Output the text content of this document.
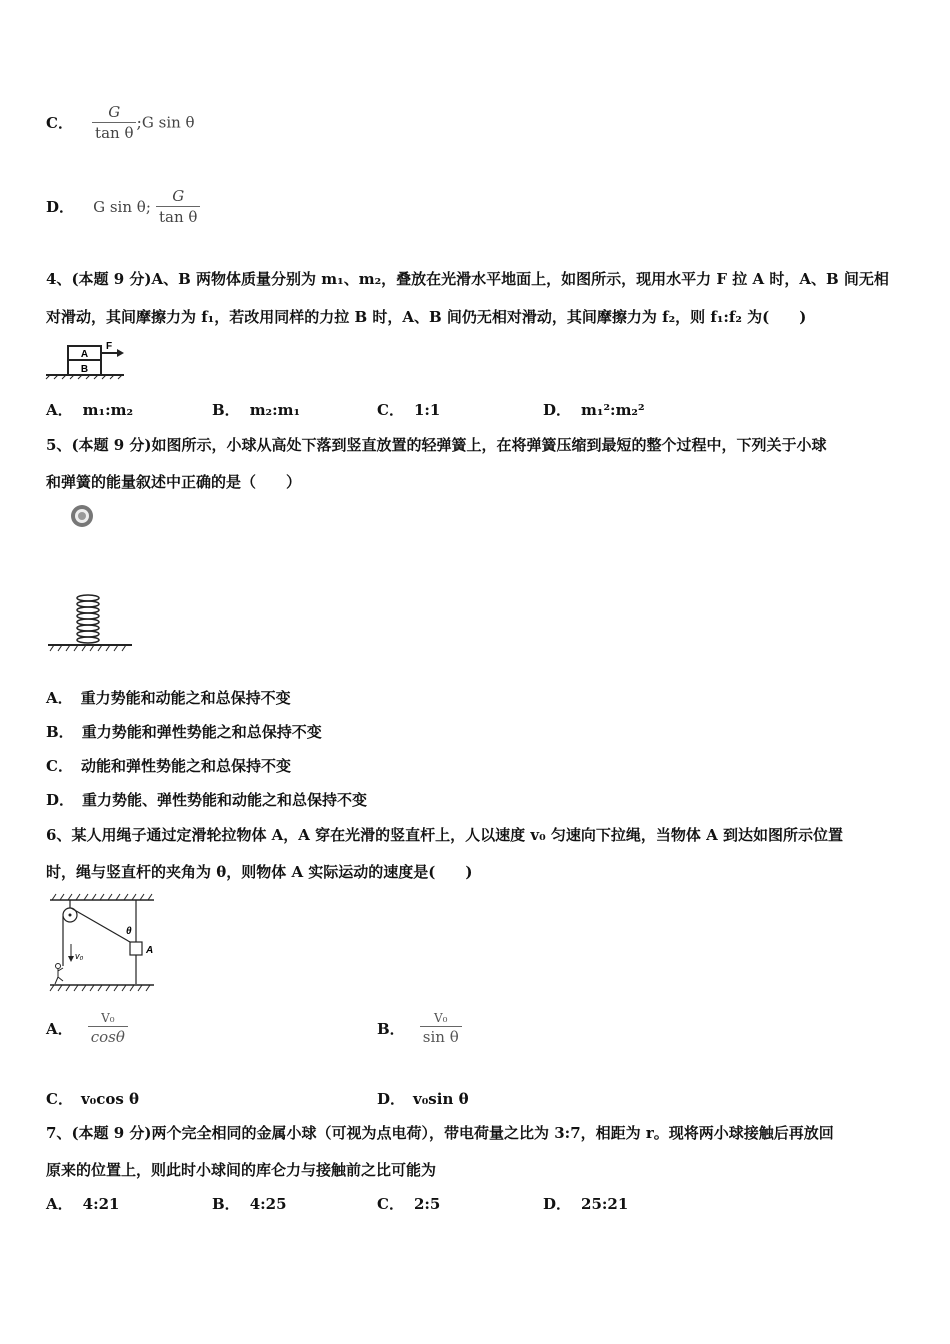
C． $\frac{G}{\text{tan θ}}$ ;G sin θ
D． G sin θ; $\frac{G}{\text{tan θ}}$
4、(本题 9 分)A、B 两物体质量分别为 m₁、m₂，叠放在光滑水平地面上，如图所示，现用水平力 F 拉 A 时，A、B 间无相
对滑动，其间摩擦力为 f₁，若改用同样的力拉 B 时，A、B 间仍无相对滑动，其间摩擦力为 f₂，则 f₁:f₂ 为(　　)
A
B
F
A． m₁:m₂	B． m₂:m₁	C． 1:1	D． m₁²:m₂²
5、(本题 9 分)如图所示，小球从高处下落到竖直放置的轻弹簧上，在将弹簧压缩到最短的整个过程中，下列关于小球
和弹簧的能量叙述中正确的是（　　）
A． 重力势能和动能之和总保持不变
B． 重力势能和弹性势能之和总保持不变
C． 动能和弹性势能之和总保持不变
D． 重力势能、弹性势能和动能之和总保持不变
6、某人用绳子通过定滑轮拉物体 A，A 穿在光滑的竖直杆上，人以速度 v₀ 匀速向下拉绳，当物体 A 到达如图所示位置
时，绳与竖直杆的夹角为 θ，则物体 A 实际运动的速度是(　　)
A
θ
v₀
A． $\frac{\text{V₀}}{\cos\theta}$	B． $\frac{\text{V₀}}{\text{sin θ}}$
C． v₀cos θ	D． v₀sin θ
7、(本题 9 分)两个完全相同的金属小球（可视为点电荷），带电荷量之比为 3:7，相距为 r。现将两小球接触后再放回
原来的位置上，则此时小球间的库仑力与接触前之比可能为
A． 4:21	B． 4:25	C． 2:5	D． 25:21
